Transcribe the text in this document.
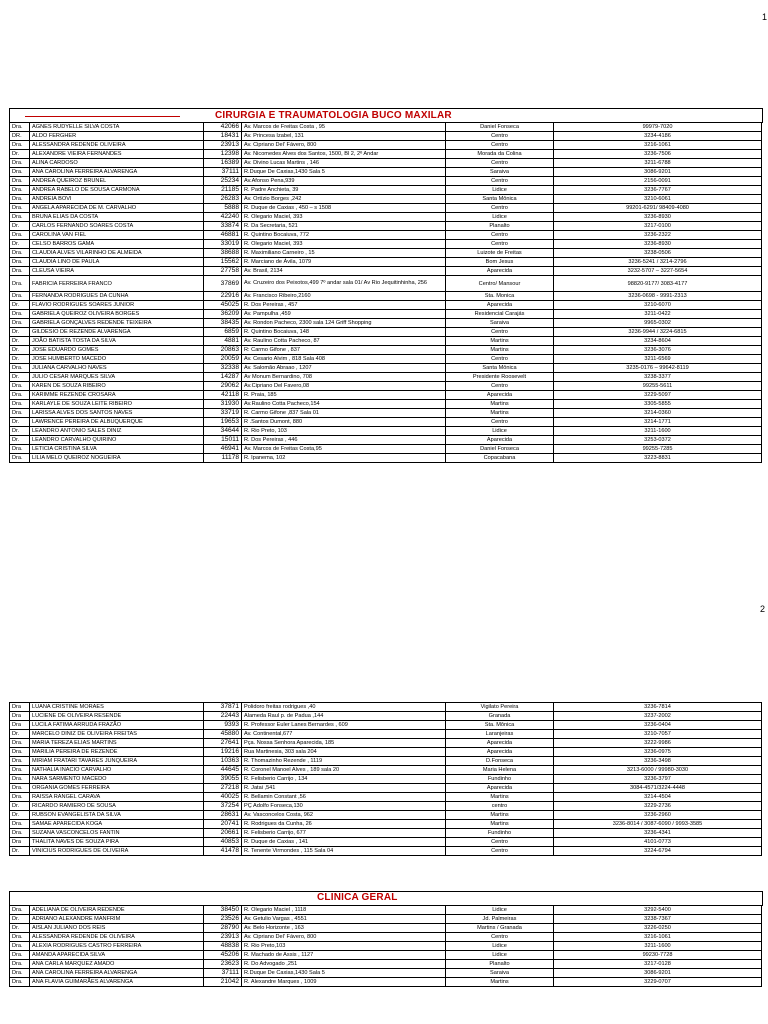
1
2
CIRURGIA E TRAUMATOLOGIA BUCO MAXILAR
Dra.	AGNES RUDYELLE SILVA COSTA	42066	Av. Marcos de Freitas Costa , 95	Daniel Fonseca	99979-7020
DR.	ALDO FERGHER	18431	Av. Princesa Izabel, 131	Centro	3234-4186
Dra.	ALESSANDRA REDENDE OLIVEIRA	23913	Av. Cipriano Del' Fávero, 800	Centro	3216-1061
Dr.	ALEXANDRE VIEIRA FERNANDES	12398	Av. Nicomedes Alves dos Santos, 1500, Bl 2, 2º Andar	Morada da Colina	3236-7506
Dra.	ALINA CARDOSO	16389	Av. Divino Lucas Martins , 146	Centro	3211-6788
Dra.	ANA CAROLINA FERREIRA ALVARENGA	37111	R.Duque De Caxias,1430 Sala 5	Saraiva	3086-9201
Dra.	ANDREA QUEIROZ BRUNEL	25234	Av.Afonso Pena,939	Centro	2156-0091
Dra.	ANDREA RABELO DE SOUSA CARMONA	21185	R. Padre Anchieta, 39	Lidice	3236-7767
Dra.	ANDREIA BOVI	26283	Av. Ortízio Borges ,242	Santa Mônica	3210-6061
Dra.	ANGELA APARECIDA DE M. CARVALHO	5888	R. Duque de Caxias , 450 – s 1508	Centro	99201-6291/ 98409-4080
Dra.	BRUNA ELIAS DA COSTA	42240	R. Olegario Maciel, 393	Lidice	3236-8930
Dr.	CARLOS FERNANDO SOARES COSTA	33874	R. Da Secretaria, 521	Planalto	3217-0100
Dra.	CAROLINA VAN FIEL	46881	R. Quintino Bocaiuva, 772	Centro	3236-2322
Dr.	CELSO BARROS GAMA	33019	R. Olegario Maciel, 393	Centro	3236-8930
Dra.	CLAUDIA ALVES VILARINHO DE ALMEIDA	38688	R. Maximiliano Carneiro , 15	Luizote de Freitas	3238-0506
Dra.	CLAUDIA LINO DE PAULA	15562	R. Marciano de Ávila, 1079	Bom Jesus	3236-5241 / 3214-2796
Dra.	CLEUSA VIEIRA	27758	Av. Brasil, 2134	Aparecida	3232-5707 – 3227-5654
Dra.	FABRICIA FERREIRA FRANCO	37869	Av. Cruzeiro dos Peixotos,499 7º andar sala 01/ Av Rio Jequitinhinha, 256	Centro/ Mansour	98820-9177/ 3083-4177
Dra.	FERNANDA RODRIGUES DA CUNHA	22916	Av. Francisco Ribeiro,2160	Sta. Monica	3236-0698 - 9991-2313
Dr.	FLAVIO RODRIGUES SOARES JUNIOR	45025	R. Dos Pereiras , 457	Aparecida	3210-6070
Dra.	GABRIELA QUEIROZ OLIVEIRA BORGES	36209	Av. Pampulha ,459	Residencial Carajás	3211-0422
Dra.	GABRIELA GONÇALVES REDENDE TEIXEIRA	38435	Av. Rondon Pacheco, 2300 sala 124 Griff Shopping	Saraiva	9965-0302
Dr.	GILDESIO DE REZENDE ALVARENGA	6859	R. Quintino Bocaiuva, 148	Centro	3236-9944 / 3224-6815
Dr.	JOÃO BATISTA TOSTA DA SILVA	4881	Av. Raulino Cotta Pacheco, 87	Martins	3234-8604
Dr.	JOSE EDUARDO GOMES	20863	R: Carmo Gifone , 837	Martins	3236-3076
Dr.	JOSE HUMBERTO MACEDO	20059	Av. Cesario Alvim , 818 Sala 408	Centro	3211-6569
Dra.	JULIANA CARVALHO NAVES	32338	Av. Salomão Abraao , 1207	Santa Mônica	3235-0176 – 99642-8119
Dr.	JULIO CESAR MARQUES SILVA	14287	Av Monum Bernardino, 708	Presidente Roosevelt	3238-3377
Dra.	KAREN DE SOUZA RIBEIRO	29062	Av.Cipriano Del Favero,08	Centro	99255-5611
Dra.	KARIMME REZENDE CROSARA	42118	R. Praia, 185	Aparecida	3229-5097
Dra.	KARLAYLE DE SOUZA LEITE RIBEIRO	31930	Av.Raulino Cotta Pacheco,154	Martins	3305-5855
Dra.	LARISSA ALVES DOS SANTOS NAVES	33719	R. Carmo Gifone ,837 Sala 01	Martins	3214-0360
Dr.	LAWRENCE PEREIRA DE ALBUQUERQUE	19653	R .Santos Dumont, 880	Centro	3214-1771
Dr.	LEANDRO ANTONIO SALES DINIZ	34644	R. Rio Preto, 103	Lidice	3211-1600
Dr.	LEANDRO CARVALHO QUIRINO	15011	R. Dos Pereiras , 446	Aparecida	3253-0372
Dra.	LETICIA CRISTINA SILVA	46941	Av. Marcos de Freitas Costa,95	Daniel Fonseca	99255-7285
Dra.	LILIA MELO QUEIROZ NOGUEIRA	11178	R. Ipanema, 102	Copacabana	3223-8831
Dra	LUANA CRISTINE MORAES	37871	Polidoro freitas rodrigues ,40	Vigilato Pereira	3236-7814
Dra	LUCIENE DE OLIVEIRA RESENDE	22443	Alameda Raul p. de Padua ,144	Granada	3237-2002
Dra	LUCILA FATIMA ARRUDA FRAZÃO	9393	R. Professor Euler Lanes Bernardes , 609	Sta. Mônica	3236-0404
Dr.	MARCELO DINIZ DE OLIVEIRA FREITAS	45880	Av. Continental,677	Laranjeiras	3210-7057
Dra.	MARIA TEREZA ELIAS MARTINS	27641	Pça. Nossa Senhora Aparecida, 185	Aparecida	3222-9986
Dra.	MARILIA PEREIRA DE REZENDE	19216	Rua Martinesia, 303 sala 204	Aparecida	3236-0975
Dra.	MIRIAM FRATARI TAVARES JUNQUEIRA	10363	R. Thomazinho Rezende , 1119	D.Fonseca	3236-3498
Dra.	NATHALIA INACIO CARVALHO	44645	R. Coronel Manoel Alves , 189 sala 20	Maria Helena	3213-6000 / 99980-3030
Dra.	NARA SARMENTO MACEDO	39055	R. Felisberio Carrijo , 134	Fundinho	3236-3797
Dra.	ORGANIA GOMES FERREIRA	27218	R. Jatai ,541	Aparecida	3084-4571/3224-4448
Dra.	RAISSA RANGEL CARAVA	40025	R. Bellamin Constant ,56	Martins	3214-4504
Dr.	RICARDO RAMIERO DE SOUSA	37254	PÇ Adolfo Fonseca,130	centro	3229-2736
Dr.	RUBSON EVANGELISTA DA SILVA	28631	Av. Vasconcelos Costa, 962	Martins	3236-2960
Dra.	SAMAE APARECIDA KOGA	20741	R. Rodrigues da Cunha, 26	Martins	3236-8014 / 3087-6090 / 9993-3585
Dra.	SUZANA VASCONCELOS FANTIN	20661	R. Felisberio Carrijo, 677	Fundinho	3236-4341
Dra	THALITA NAVES DE SOUZA PIRA	40853	R. Duque de Caxias , 141	Centro	4101-0773
Dr.	VINICIUS RODRIGUES DE OLIVEIRA	41478	R. Tenente Virmondes , 115 Sala 04	Centro	3224-6794
CLINICA GERAL
Dra.	ADELIANA DE OLIVEIRA REDENDE	38450	R. Olegario Maciel , 1118	Lidice	3292-5400
Dr.	ADRIANO ALEXANDRE MANFRIM	23526	Av. Getulio Vargas , 4551	Jd. Palmeiras	3238-7367
Dr.	AISLAN JULIANO DOS REIS	28790	Av. Belo Horizonte , 163	Martins / Granada	3226-0250
Dra.	ALESSANDRA REDENDE DE OLIVEIRA	23913	Av. Cipriano Del' Fávero, 800	Centro	3216-1061
Dra.	ALEXIA RODRIGUES CASTRO FERREIRA	48838	R. Rio Preto,103	Lidice	3211-1600
Dra.	AMANDA APARECIDA SILVA	45206	R. Machado de Assis , 1127	Lidice	99230-7728
Dra.	ANA CARLA MARQUEZ AMADO	23623	R. Do Advogado ,251	Planalto	3217-0128
Dra.	ANA CAROLINA FERREIRA ALVARENGA	37111	R.Duque De Caxias,1430 Sala 5	Saraiva	3086-9201
Dra.	ANA FLAVIA GUIMARÃES ALVARENGA	21042	R. Alexandre Marques , 1009	Martins	3229-0707
